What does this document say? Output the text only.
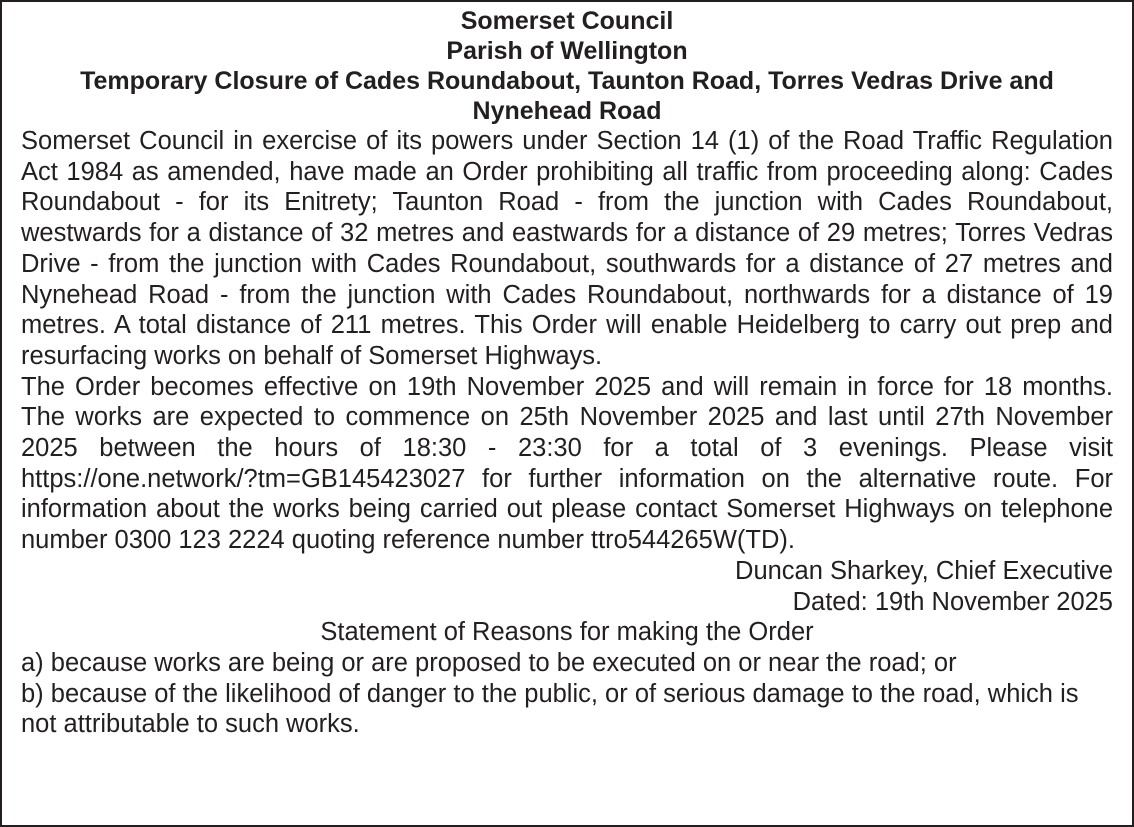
Somerset Council

Parish of Wellington

Temporary Closure of Cades Roundabout, Taunton Road, Torres Vedras Drive and Nynehead Road

Somerset Council in exercise of its powers under Section 14 (1) of the Road Traffic Regulation Act 1984 as amended, have made an Order prohibiting all traffic from proceeding along: Cades Roundabout - for its Enitrety; Taunton Road - from the junction with Cades Roundabout, westwards for a distance of 32 metres and eastwards for a distance of 29 metres; Torres Vedras Drive - from the junction with Cades Roundabout, southwards for a distance of 27 metres and Nynehead Road - from the junction with Cades Roundabout, northwards for a distance of 19 metres. A total distance of 211 metres. This Order will enable Heidelberg to carry out prep and resurfacing works on behalf of Somerset Highways.

The Order becomes effective on 19th November 2025 and will remain in force for 18 months. The works are expected to commence on 25th November 2025 and last until 27th November 2025 between the hours of 18:30 - 23:30 for a total of 3 evenings. Please visit https://one.network/?tm=GB145423027 for further information on the alternative route. For information about the works being carried out please contact Somerset Highways on telephone number 0300 123 2224 quoting reference number ttro544265W(TD).

Duncan Sharkey, Chief Executive

Dated: 19th November 2025

Statement of Reasons for making the Order

a) because works are being or are proposed to be executed on or near the road; or

b) because of the likelihood of danger to the public, or of serious damage to the road, which is not attributable to such works.
